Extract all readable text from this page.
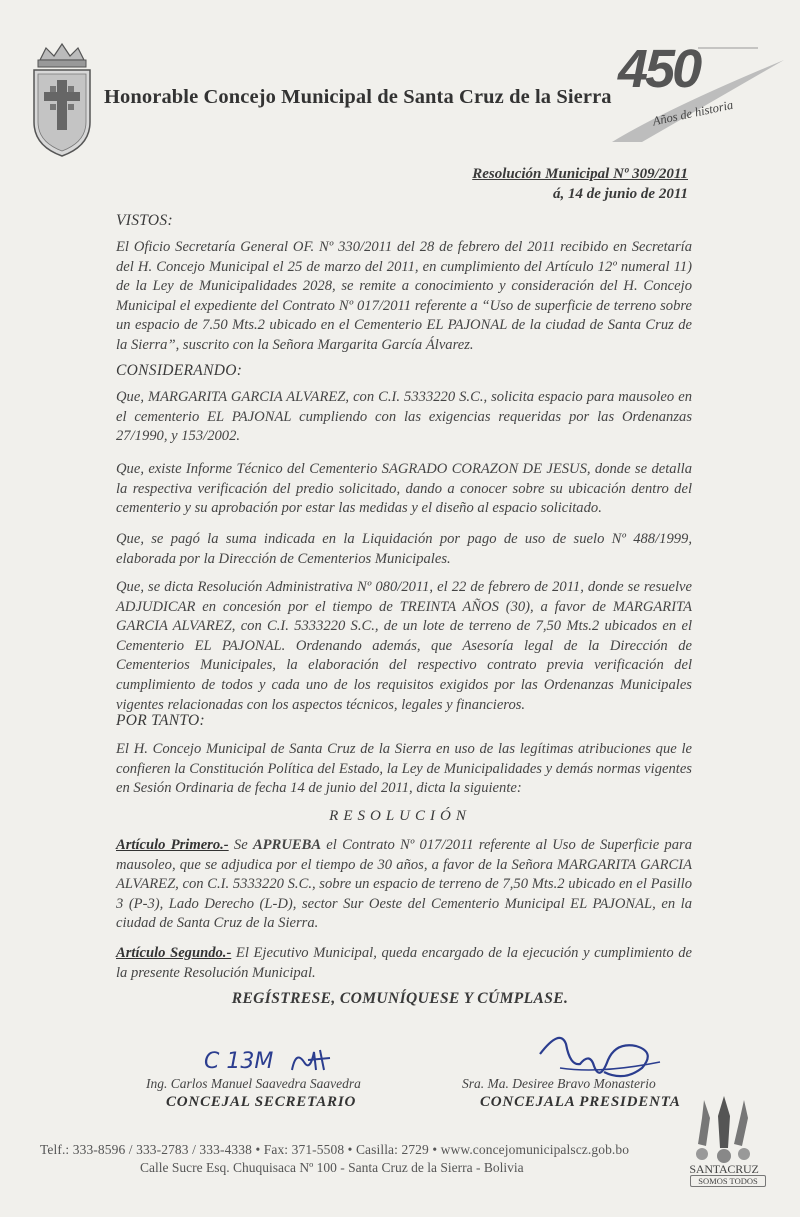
Honorable Concejo Municipal de Santa Cruz de la Sierra 450
Años de historia
Resolución Municipal Nº 309/2011
á, 14 de junio de 2011
VISTOS:
El Oficio Secretaría General OF. Nº 330/2011 del 28 de febrero del 2011 recibido en Secretaría del H. Concejo Municipal el 25 de marzo del 2011, en cumplimiento del Artículo 12º numeral 11) de la Ley de Municipalidades 2028, se remite a conocimiento y consideración del H. Concejo Municipal el expediente del Contrato Nº 017/2011 referente a “Uso de superficie de terreno sobre un espacio de 7.50 Mts.2 ubicado en el Cementerio EL PAJONAL de la ciudad de Santa Cruz de la Sierra”, suscrito con la Señora Margarita García Álvarez.
CONSIDERANDO:
Que, MARGARITA GARCIA ALVAREZ, con C.I. 5333220 S.C., solicita espacio para mausoleo en el cementerio EL PAJONAL cumpliendo con las exigencias requeridas por las Ordenanzas 27/1990, y 153/2002.
Que, existe Informe Técnico del Cementerio SAGRADO CORAZON DE JESUS, donde se detalla la respectiva verificación del predio solicitado, dando a conocer sobre su ubicación dentro del cementerio y su aprobación por estar las medidas y el diseño al espacio solicitado.
Que, se pagó la suma indicada en la Liquidación por pago de uso de suelo Nº 488/1999, elaborada por la Dirección de Cementerios Municipales.
Que, se dicta Resolución Administrativa Nº 080/2011, el 22 de febrero de 2011, donde se resuelve ADJUDICAR en concesión por el tiempo de TREINTA AÑOS (30), a favor de MARGARITA GARCIA ALVAREZ, con C.I. 5333220 S.C., de un lote de terreno de 7,50 Mts.2 ubicados en el Cementerio EL PAJONAL. Ordenando además, que Asesoría legal de la Dirección de Cementerios Municipales, la elaboración del respectivo contrato previa verificación del cumplimiento de todos y cada uno de los requisitos exigidos por las Ordenanzas Municipales vigentes relacionadas con los aspectos técnicos, legales y financieros.
POR TANTO:
El H. Concejo Municipal de Santa Cruz de la Sierra en uso de las legítimas atribuciones que le confieren la Constitución Política del Estado, la Ley de Municipalidades y demás normas vigentes en Sesión Ordinaria de fecha 14 de junio del 2011, dicta la siguiente:
RESOLUCIÓN
Artículo Primero.- Se APRUEBA el Contrato Nº 017/2011 referente al Uso de Superficie para mausoleo, que se adjudica por el tiempo de 30 años, a favor de la Señora MARGARITA GARCIA ALVAREZ, con C.I. 5333220 S.C., sobre un espacio de terreno de 7,50 Mts.2 ubicado en el Pasillo 3 (P-3), Lado Derecho (L-D), sector Sur Oeste del Cementerio Municipal EL PAJONAL, en la ciudad de Santa Cruz de la Sierra.
Artículo Segundo.- El Ejecutivo Municipal, queda encargado de la ejecución y cumplimiento de la presente Resolución Municipal.
REGÍSTRESE, COMUNÍQUESE Y CÚMPLASE.
C 13M
Ing. Carlos Manuel Saavedra Saavedra
CONCEJAL SECRETARIO
Sra. Ma. Desiree Bravo Monasterio
CONCEJALA PRESIDENTA
Telf.: 333-8596 / 333-2783 / 333-4338 • Fax: 371-5508 • Casilla: 2729 • www.concejomunicipalscz.gob.bo
Calle Sucre Esq. Chuquisaca Nº 100 - Santa Cruz de la Sierra - Bolivia	SANTACRUZ
SOMOS TODOS
